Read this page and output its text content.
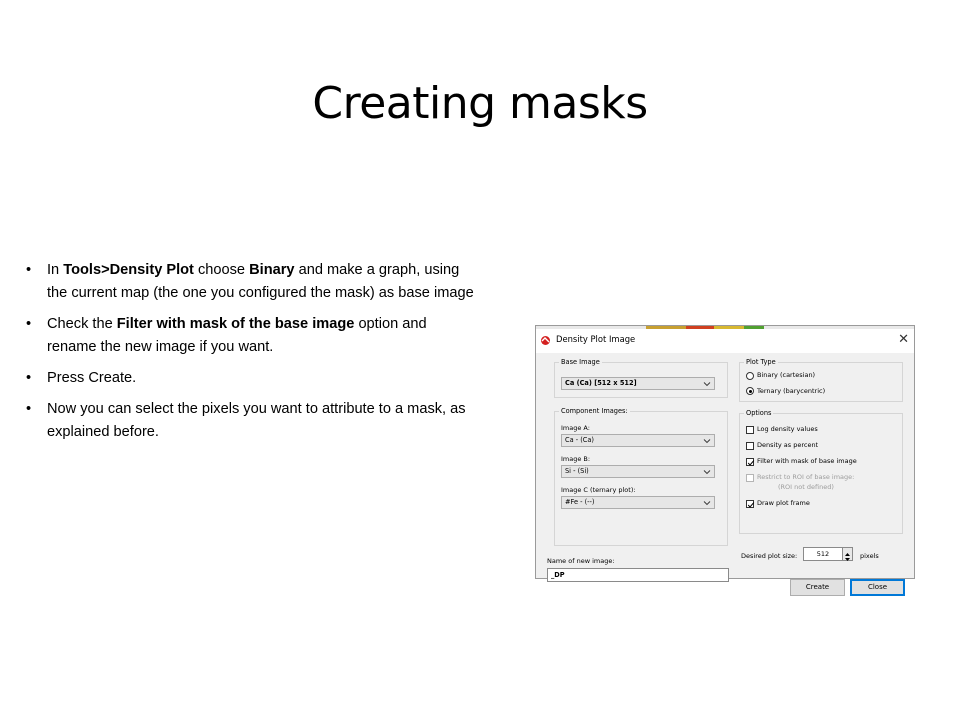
Creating masks
• In Tools>Density Plot choose Binary and make a graph, using the current map (the one you configured the mask) as base image
• Check the Filter with mask of the base image option and rename the new image if you want.
• Press Create.
• Now you can select the pixels you want to attribute to a mask, as explained before.
Density Plot Image	✕
Base Image
Ca (Ca) [512 x 512]
Component Images:
Image A:
Ca - (Ca)
Image B:
Si - (Si)
Image C (ternary plot):
#Fe - (--)
Plot Type
Binary (cartesian)
Ternary (barycentric)
Options
Log density values
Density as percent
Filter with mask of base image
Restrict to ROI of base image:
(ROI not defined)
Draw plot frame
Name of new image:
_DP
Desired plot size:	512	pixels
Create	Close
